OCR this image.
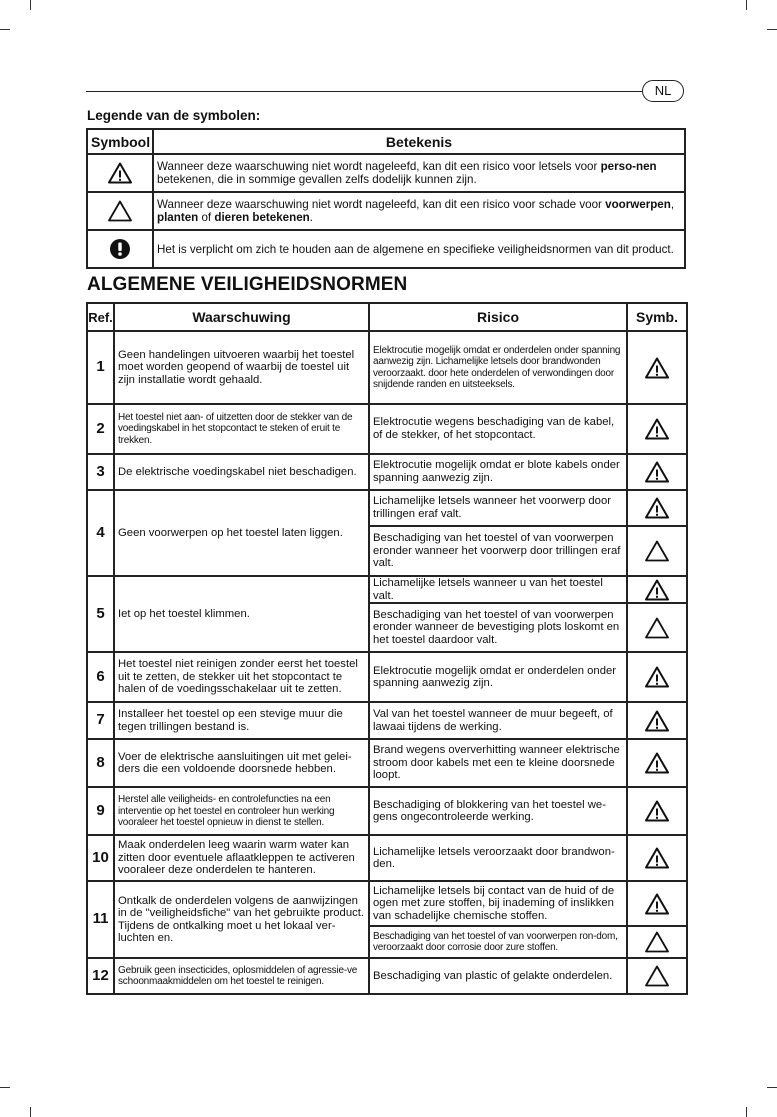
NL
Legende van de symbolen:
Symbool	Betekenis

	Wanneer deze waarschuwing niet wordt nageleefd, kan dit een risico voor letsels voor perso-nen betekenen, die in sommige gevallen zelfs dodelijk kunnen zijn.

	Wanneer deze waarschuwing niet wordt nageleefd, kan dit een risico voor schade voor voorwerpen, planten of dieren betekenen.

	Het is verplicht om zich te houden aan de algemene en specifieke veiligheidsnormen van dit product.
ALGEMENE VEILIGHEIDSNORMEN
Ref.	Waarschuwing	Risico	Symb.
1	Geen handelingen uitvoeren waarbij het toestel moet worden geopend of waarbij de toestel uit zijn installatie wordt gehaald.	Elektrocutie mogelijk omdat er onderdelen onder spanning aanwezig zijn. Lichamelijke letsels door brandwonden veroorzaakt. door hete onderdelen of verwondingen door snijdende randen en uitsteeksels.	

2	Het toestel niet aan- of uitzetten door de stekker van de voedingskabel in het stopcontact te steken of eruit te trekken.	Elektrocutie wegens beschadiging van de kabel, of de stekker, of het stopcontact.	

3	De elektrische voedingskabel niet beschadigen.	Elektrocutie mogelijk omdat er blote kabels onder spanning aanwezig zijn.	

4	Geen voorwerpen op het toestel laten liggen.	Lichamelijke letsels wanneer het voorwerp door trillingen eraf valt.	

		Beschadiging van het toestel of van voorwerpen eronder wanneer het voorwerp door trillingen eraf valt.	

5	Iet op het toestel klimmen.	Lichamelijke letsels wanneer u van het toestel valt.	

		Beschadiging van het toestel of van voorwerpen eronder wanneer de bevestiging plots loskomt en het toestel daardoor valt.	

6	Het toestel niet reinigen zonder eerst het toestel uit te zetten, de stekker uit het stopcontact te halen of de voedingsschakelaar uit te zetten.	Elektrocutie mogelijk omdat er onderdelen onder spanning aanwezig zijn.	

7	Installeer het toestel op een stevige muur die tegen trillingen bestand is.	Val van het toestel wanneer de muur begeeft, of lawaai tijdens de werking.	

8	Voer de elektrische aansluitingen uit met gelei-ders die een voldoende doorsnede hebben.	Brand wegens oververhitting wanneer elektrische stroom door kabels met een te kleine doorsnede loopt.	

9	Herstel alle veiligheids- en controlefuncties na een interventie op het toestel en controleer hun werking vooraleer het toestel opnieuw in dienst te stellen.	Beschadiging of blokkering van het toestel we-gens ongecontroleerde werking.	

10	Maak onderdelen leeg waarin warm water kan zitten door eventuele aflaatkleppen te activeren vooraleer deze onderdelen te hanteren.	Lichamelijke letsels veroorzaakt door brandwon-den.	

11	Ontkalk de onderdelen volgens de aanwijzingen in de "veiligheidsfiche" van het gebruikte product. Tijdens de ontkalking moet u het lokaal ver-luchten en.	Lichamelijke letsels bij contact van de huid of de ogen met zure stoffen, bij inademing of inslikken van schadelijke chemische stoffen.	

		Beschadiging van het toestel of van voorwerpen ron-dom, veroorzaakt door corrosie door zure stoffen.	

12	Gebruik geen insecticides, oplosmiddelen of agressie-ve schoonmaakmiddelen om het toestel te reinigen.	Beschadiging van plastic of gelakte onderdelen.	
